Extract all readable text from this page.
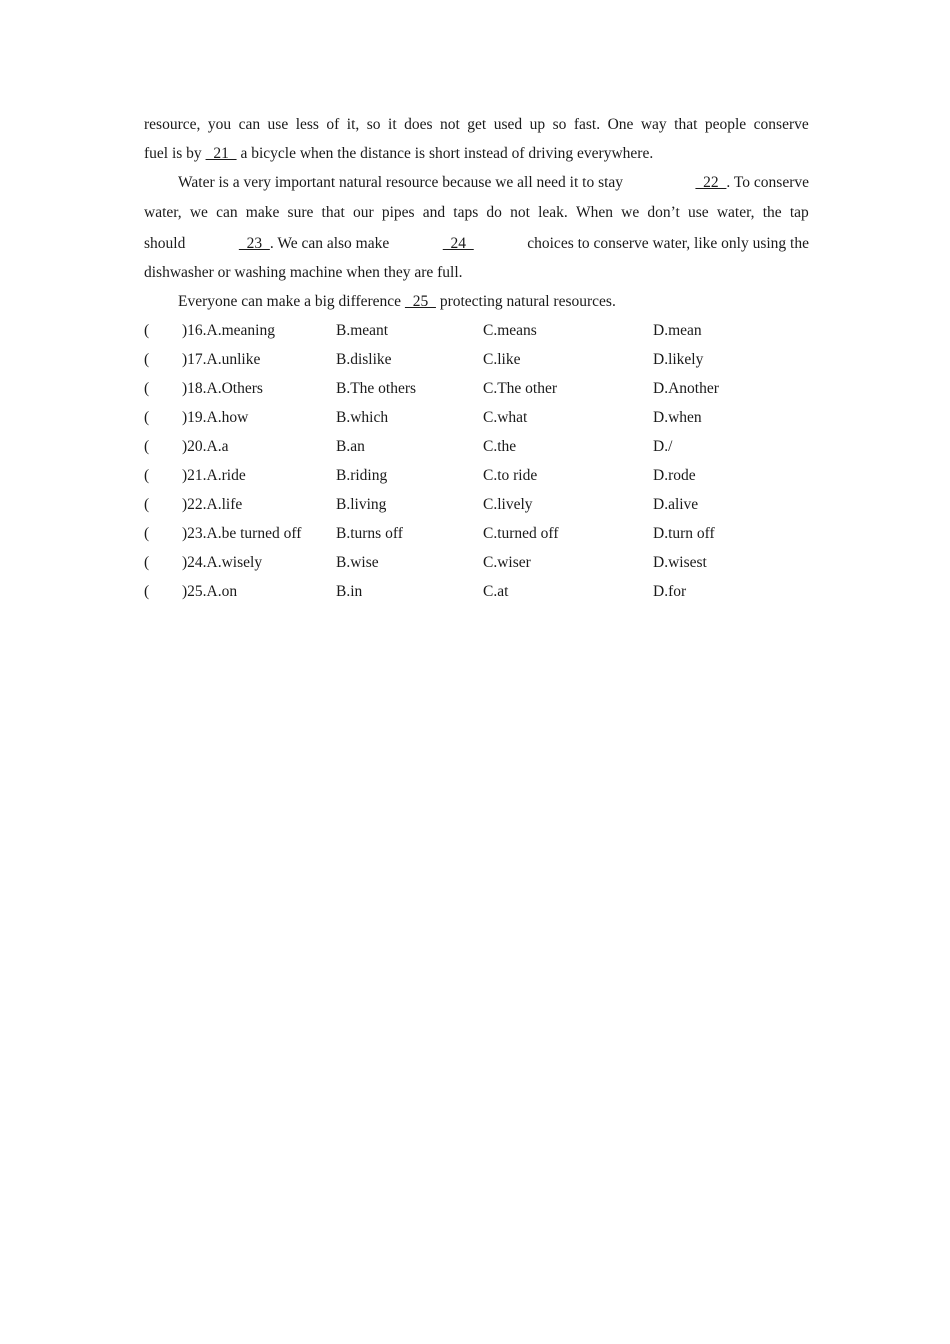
resource, you can use less of it, so it does not get used up so fast. One way that people conserve
fuel is by   21   a bicycle when the distance is short instead of driving everywhere.
Water is a very important natural resource because we all need it to stay	22  . To conserve
water, we can make sure that our pipes and taps do not leak. When we don’t use water, the tap
should	23  . We can also make	24	choices to conserve water, like only using the
dishwasher or washing machine when they are full.
Everyone can make a big difference   25   protecting natural resources.
( )16.A.meaning	B.meant	C.means	D.mean
( )17.A.unlike	B.dislike	C.like	D.likely
( )18.A.Others	B.The others	C.The other	D.Another
( )19.A.how	B.which	C.what	D.when
( )20.A.a	B.an	C.the	D./
( )21.A.ride	B.riding	C.to ride	D.rode
( )22.A.life	B.living	C.lively	D.alive
( )23.A.be turned off B.turns off	C.turned off	D.turn off
( )24.A.wisely	B.wise	C.wiser	D.wisest
( )25.A.on	B.in	C.at	D.for
